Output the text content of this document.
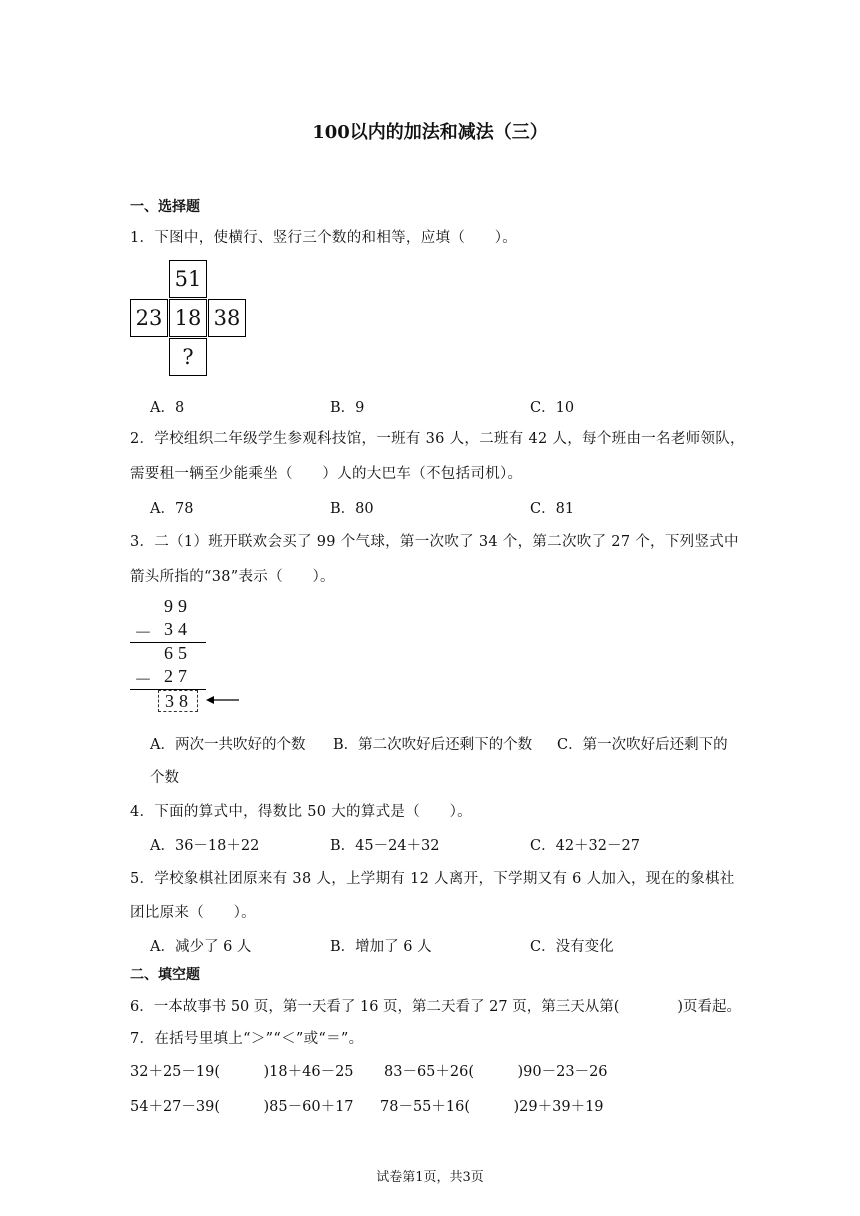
100以内的加法和减法（三）
一、选择题
1．下图中，使横行、竖行三个数的和相等，应填（　　）。
51
23 18 38
?
A．8	B．9	C．10
2．学校组织二年级学生参观科技馆，一班有 36 人，二班有 42 人，每个班由一名老师领队，
需要租一辆至少能乘坐（　　）人的大巴车（不包括司机）。
A．78	B．80	C．81
3．二（1）班开联欢会买了 99 个气球，第一次吹了 34 个，第二次吹了 27 个，下列竖式中
箭头所指的“38”表示（　　）。
99
－ 34
65
－ 27
38
A．两次一共吹好的个数 B．第二次吹好后还剩下的个数 C．第一次吹好后还剩下的
个数
4．下面的算式中，得数比 50 大的算式是（　　）。
A．36－18＋22	B．45－24＋32	C．42＋32－27
5．学校象棋社团原来有 38 人，上学期有 12 人离开，下学期又有 6 人加入，现在的象棋社
团比原来（　　）。
A．减少了 6 人	B．增加了 6 人	C．没有变化
二、填空题
6．一本故事书 50 页，第一天看了 16 页，第二天看了 27 页，第三天从第(　　　　)页看起。
7．在括号里填上“＞”“＜”或“＝”。
32＋25－19(　　　)18＋46－25 83－65＋26(　　　)90－23－26
54＋27－39(　　　)85－60＋17 78－55＋16(　　　)29＋39＋19
试卷第1页，共3页
